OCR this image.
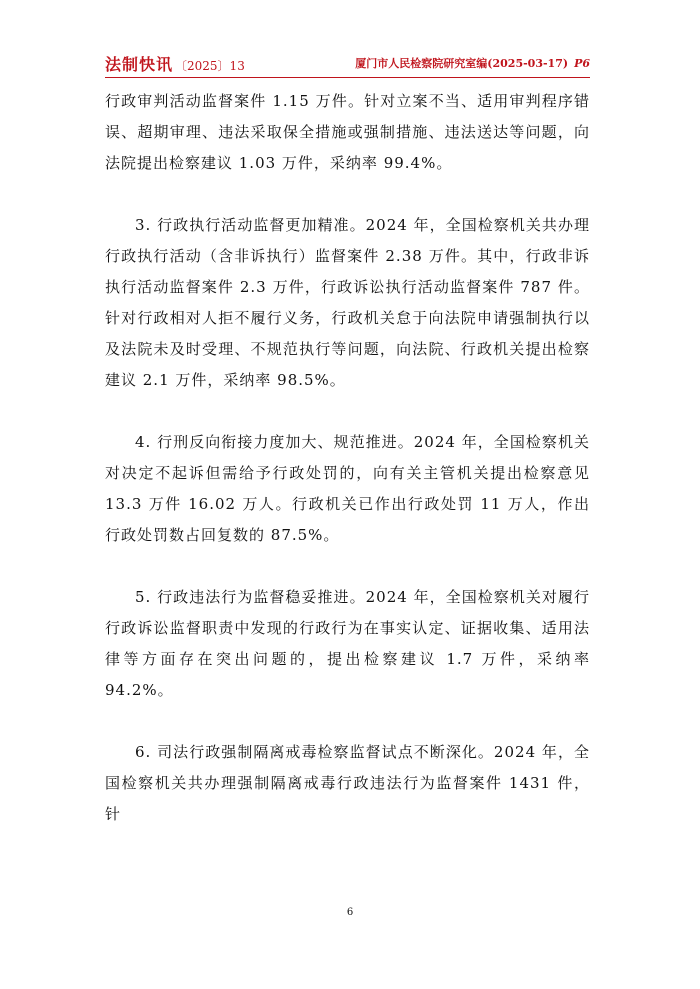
法制快讯 〔2025〕13	厦门市人民检察院研究室编(2025-03-17) P6

行政审判活动监督案件 1.15 万件。针对立案不当、适用审判程序错误、超期审理、违法采取保全措施或强制措施、违法送达等问题，向法院提出检察建议 1.03 万件，采纳率 99.4%。

3. 行政执行活动监督更加精准。2024 年，全国检察机关共办理行政执行活动（含非诉执行）监督案件 2.38 万件。其中，行政非诉执行活动监督案件 2.3 万件，行政诉讼执行活动监督案件 787 件。针对行政相对人拒不履行义务，行政机关怠于向法院申请强制执行以及法院未及时受理、不规范执行等问题，向法院、行政机关提出检察建议 2.1 万件，采纳率 98.5%。

4. 行刑反向衔接力度加大、规范推进。2024 年，全国检察机关对决定不起诉但需给予行政处罚的，向有关主管机关提出检察意见 13.3 万件 16.02 万人。行政机关已作出行政处罚 11 万人，作出行政处罚数占回复数的 87.5%。

5. 行政违法行为监督稳妥推进。2024 年，全国检察机关对履行行政诉讼监督职责中发现的行政行为在事实认定、证据收集、适用法律等方面存在突出问题的，提出检察建议 1.7 万件，采纳率 94.2%。

6. 司法行政强制隔离戒毒检察监督试点不断深化。2024 年，全国检察机关共办理强制隔离戒毒行政违法行为监督案件 1431 件，针

6
